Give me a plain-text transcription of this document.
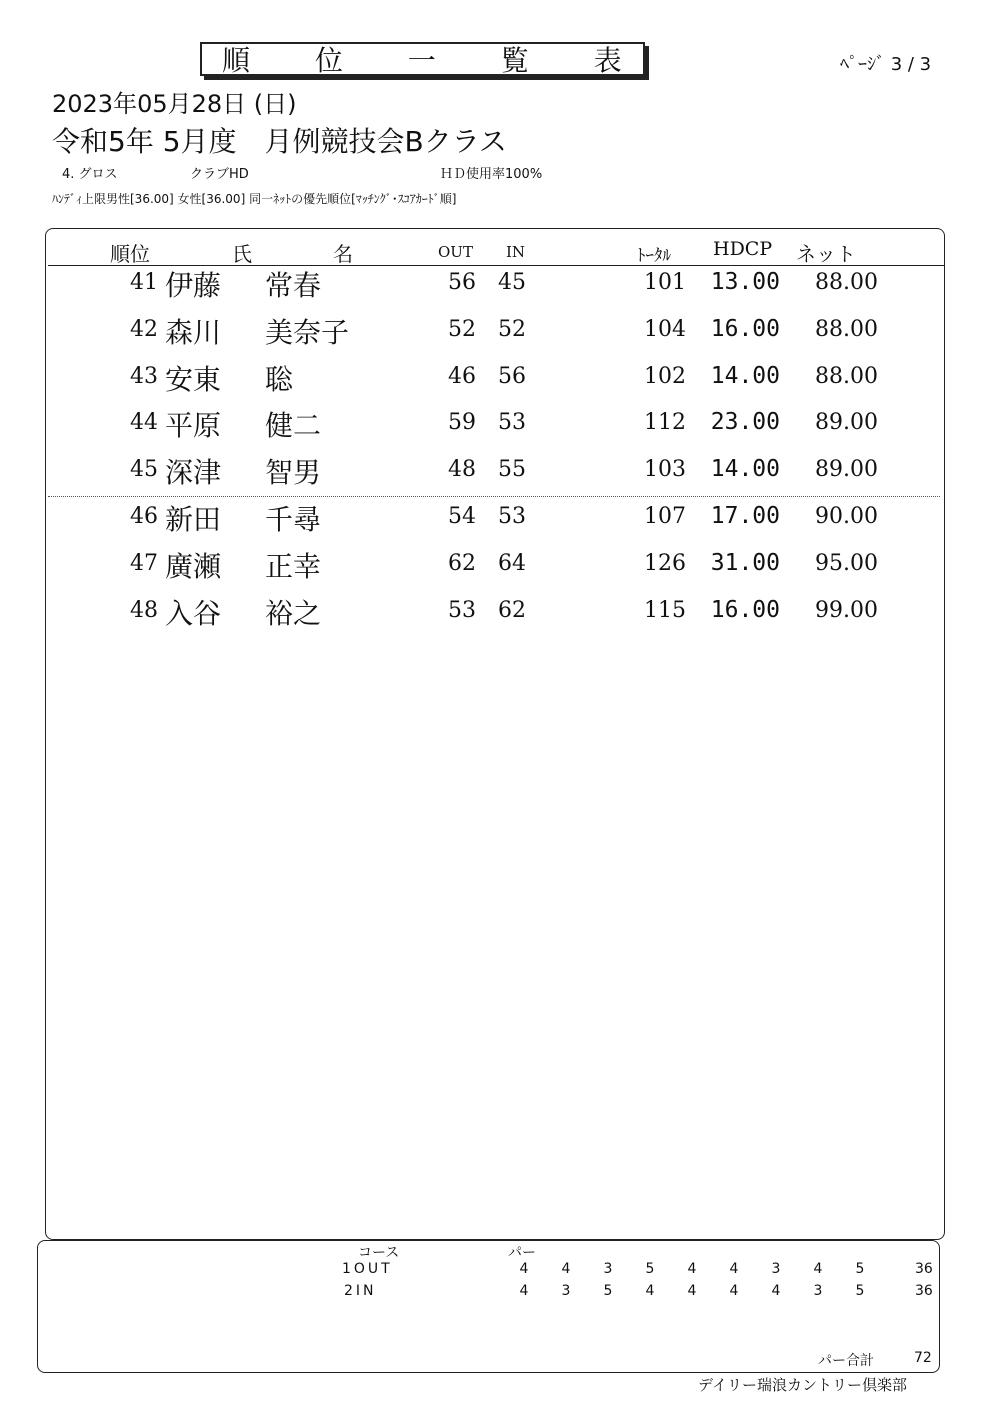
順 位 一 覧 表	ﾍﾟｰｼﾞ 3 / 3
2023年05月28日 (日)
令和5年 5月度　月例競技会Bクラス
4. グロス	クラブHD	ＨＤ使用率100%
ﾊﾝﾃﾞｨ上限男性[36.00] 女性[36.00] 同一ﾈｯﾄの優先順位[ﾏｯﾁﾝｸﾞ･ｽｺｱｶｰﾄﾞ順]
順位	氏	名	OUT IN	ﾄｰﾀﾙ HDCP ネット
41 伊藤 常春	56	45	101 13.00	88.00
42 森川 美奈子	52	52	104 16.00	88.00
43 安東 聡	46	56	102 14.00	88.00
44 平原 健二	59	53	112 23.00	89.00
45 深津 智男	48	55	103 14.00	89.00
46 新田 千尋	54	53	107 17.00	90.00
47 廣瀬 正幸	62	64	126 31.00	95.00
48 入谷 裕之	53	62	115 16.00	99.00
コース	パー
1OUT	4	4	3	5	4	4	3	4	5	36
2IN	4	3	5	4	4	4	4	3	5	36
パー合計	72
デイリー瑞浪カントリー倶楽部
